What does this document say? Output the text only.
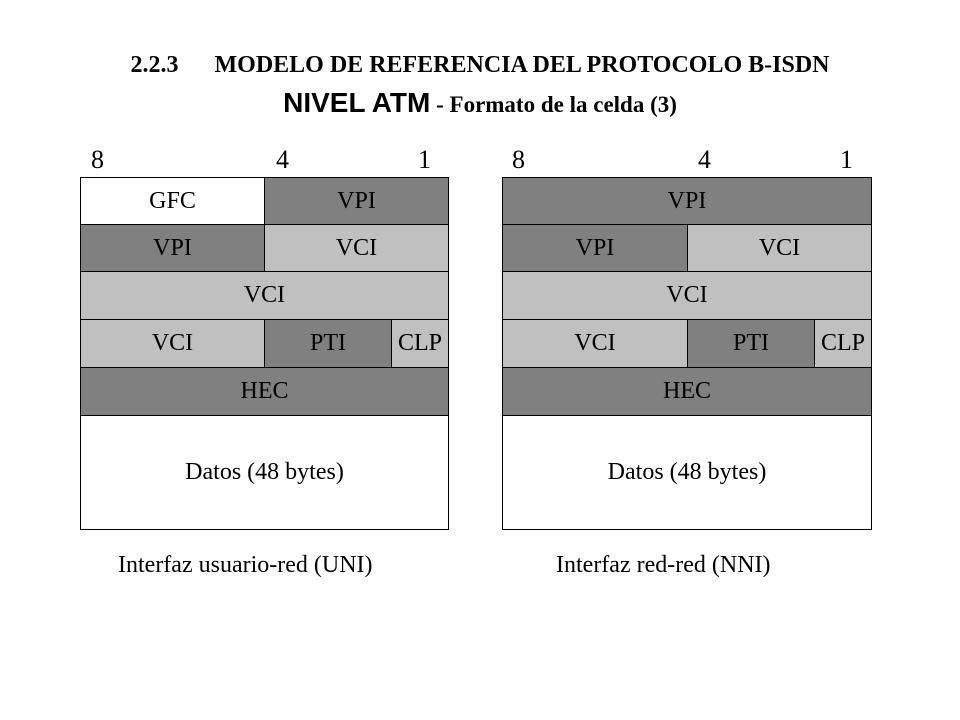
2.2.3 MODELO DE REFERENCIA DEL PROTOCOLO B-ISDN
NIVEL ATM - Formato de la celda (3)
8	4	1
GFC	VPI
VPI	VCI
VCI
VCI	PTI	CLP
HEC
Datos (48 bytes)
Interfaz usuario-red (UNI)
8	4	1
VPI
VPI	VCI
VCI
VCI	PTI	CLP
HEC
Datos (48 bytes)
Interfaz red-red (NNI)
